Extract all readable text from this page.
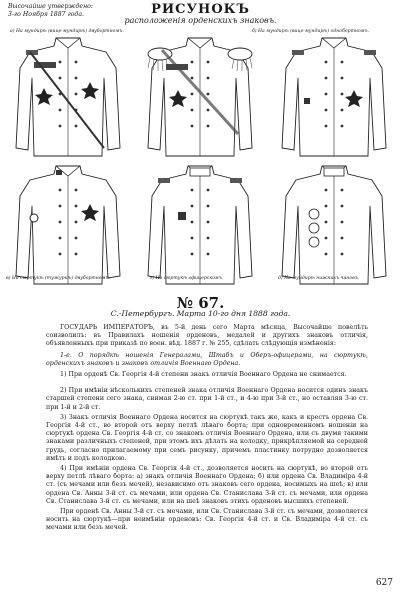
Высочайше утверждено:
3-го Ноября 1887 года.	РИСУНОКЪ
расположенія орденскихъ знаковъ.
а) На мундирѣ (вице-мундирѣ) двубортномъ.	б) На мундирѣ (вице-мундирѣ) однобортномъ.
в) На сюртукѣ (тужуркѣ) двубортномъ.	г) На сюртукѣ офицерскомъ.	д) На мундирѣ нижнихъ чиновъ.
№ 67.
С.-Петербургъ. Марта 10-го дня 1888 года.

ГОСУДАРЬ ИМПЕРАТОРЪ, въ 5-й день сего Марта мѣсяца, Высочайше повелѣть соизволилъ: въ Правилахъ ношенія орденовъ, медалей и другихъ знаковъ отличія, объявленныхъ при приказѣ по воен. вѣд. 1887 г. № 255, сдѣлать слѣдующія измѣненія:

1-е. О порядкѣ ношенія Генералами, Штабъ и Оберъ-офицерами, на сюртукѣ, орденскихъ знаковъ и знаковъ отличія Военнаго Ордена.

1) При орденѣ Св. Георгія 4-й степени знакъ отличія Военнаго Ордена не снимается.

2) При имѣніи нѣсколькихъ степеней знака отличія Военнаго Ордена носится одинъ знакъ старшей степени сего знака, снимая 2-ю ст. при 1-й ст., и 4-ю при 3-й ст., но оставляя 3-ю ст. при 1-й и 2-й ст.

3) Знакъ отличія Военнаго Ордена носится на сюртукѣ такъ же, какъ и крестъ ордена Св. Георгія 4-й ст., во второй отъ верху петлѣ лѣваго борта; при одновременномъ ношеніи на сюртукѣ ордена Св. Георгія 4-й ст. со знакомъ отличія Военнаго Ордена, или съ двумя такими знаками различныхъ степеней, при этомъ ихъ дѣлать на колодку, прикрѣпляемой на середней грудь, согласно прилагаемому при семъ рисунку, причемъ пластинку потрудно дозволяется имѣть и подъ колодкою.

4) При имѣніи ордена Св. Георгія 4-й ст., дозволяется носить на сюртукѣ, во второй отъ верху петлѣ лѣваго борта: а) знакъ отличія Военнаго Ордена; б) или ордена Св. Владиміра 4-й ст. (съ мечами или безъ мечей), независимо отъ знаковъ сего ордена, носимыхъ на шеѣ; в) или ордена Св. Анны 3-й ст. съ мечами, или ордена Св. Станислава 3-й ст. съ мечами, или ордена Св. Станислава 3-й ст. съ мечами, или на шеѣ знаковъ этихъ орденовъ высшихъ степеней.

При орденѣ Св. Анны 3-й ст. съ мечами, или Св. Станислава 3-й ст. съ мечами, дозволяется носить на сюртукѣ—при неимѣніи орденовъ: Св. Георгія 4-й ст. и Св. Владиміра 4-й ст. съ мечами или безъ мечей.

627
